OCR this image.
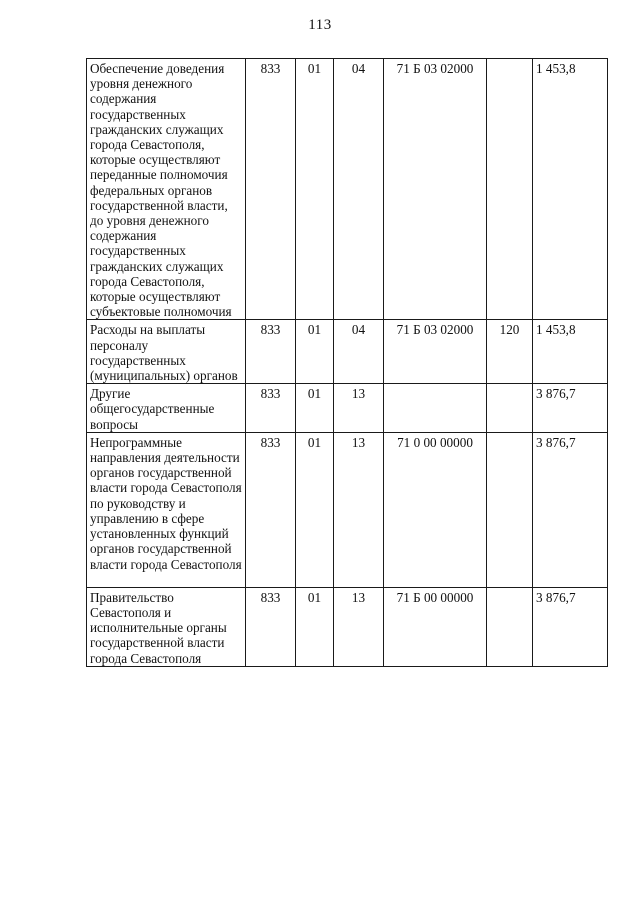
113
Обеспечение доведения уровня денежного содержания государственных гражданских служащих города Севастополя, которые осуществляют переданные полномочия федеральных органов государственной власти, до уровня денежного содержания государственных гражданских служащих города Севастополя, которые осуществляют субъектовые полномочия	833	01	04	71 Б 03 02000		1 453,8
Расходы на выплаты персоналу государственных (муниципальных) органов	833	01	04	71 Б 03 02000	120	1 453,8
Другие общегосударственные вопросы	833	01	13			3 876,7
Непрограммные направления деятельности органов государственной власти города Севастополя по руководству и управлению в сфере установленных функций органов государственной власти города Севастополя	833	01	13	71 0 00 00000		3 876,7
Правительство Севастополя и исполнительные органы государственной власти города Севастополя	833	01	13	71 Б 00 00000		3 876,7
